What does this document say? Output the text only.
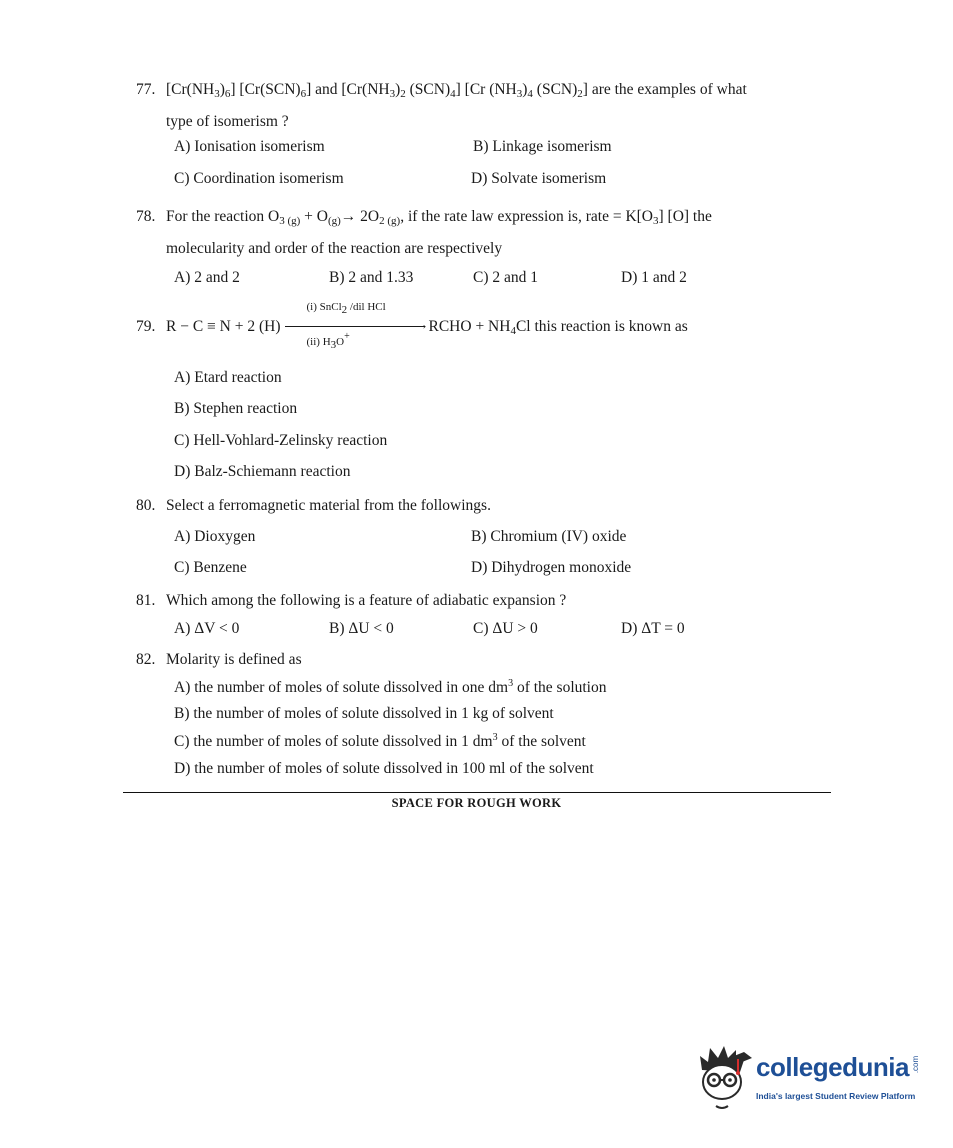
77. $[Cr(NH_3)_6]$ $[Cr(SCN)_6]$ and [$Cr(NH_3)_2$ $(SCN)_4$] [Cr $(NH_3)_4$ $(SCN)_2$] are the examples of what
type of isomerism ?
A) Ionisation isomerism	B) Linkage isomerism
C) Coordination isomerism	D) Solvate isomerism
78. For the reaction $O_{3 (g)} + O_{(g)}\to 2O_{2 (g)}$, if the rate law expression is, rate = $K[O_3]$ [O] the
molecularity and order of the reaction are respectively
A) 2 and 2	B) 2 and 1.33	C) 2 and 1	D) 1 and 2
79. R − C ≡ N + 2 (H)
(i) SnCl$_2$ /dil HCl
→
(ii) $H_3O^+$
RCHO + $NH_4Cl$ this reaction is known as
A) Etard reaction
B) Stephen reaction
C) Hell-Vohlard-Zelinsky reaction
D) Balz-Schiemann reaction
80. Select a ferromagnetic material from the followings.
A) Dioxygen	B) Chromium (IV) oxide
C) Benzene	D) Dihydrogen monoxide
81. Which among the following is a feature of adiabatic expansion ?
A) ΔV < 0	B) ΔU < 0	C) ΔU > 0	D) ΔT = 0
82. Molarity is defined as
A) the number of moles of solute dissolved in one $dm^3$ of the solution
B) the number of moles of solute dissolved in 1 kg of solvent
C) the number of moles of solute dissolved in 1 $dm^3$ of the solvent
D) the number of moles of solute dissolved in 100 ml of the solvent
SPACE FOR ROUGH WORK
collegedunia .com
India's largest Student Review Platform
